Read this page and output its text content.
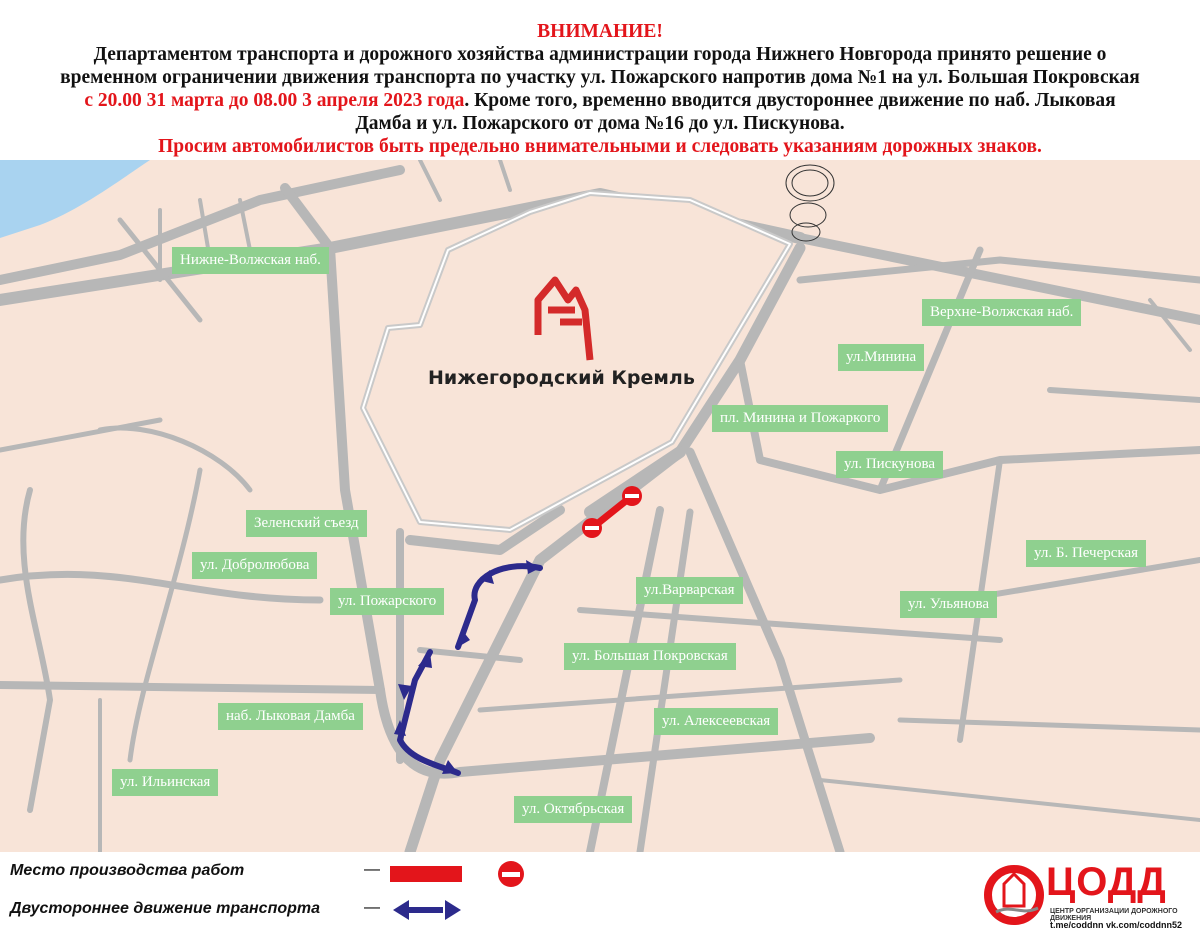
ВНИМАНИЕ!
Департаментом транспорта и дорожного хозяйства администрации города Нижнего Новгорода принято решение о
временном ограничении движения транспорта по участку ул. Пожарского напротив дома №1 на ул. Большая Покровская
с 20.00 31 марта до 08.00 3 апреля 2023 года. Кроме того, временно вводится двустороннее движение по наб. Лыковая
Дамба и ул. Пожарского от дома №16 до ул. Пискунова.
Просим автомобилистов быть предельно внимательными и следовать указаниям дорожных знаков.
Нижегородский Кремль
Нижне-Волжская наб.
Верхне-Волжская наб.
ул.Минина
пл. Минина и Пожаркого
ул. Пискунова
Зеленский съезд
ул. Добролюбова
ул. Б. Печерская
ул. Пожарского
ул.Варварская
ул. Ульянова
ул. Большая Покровская
наб. Лыковая Дамба	ул. Алексеевская
ул. Ильинская
ул. Октябрьская
Место производства работ
Двустороннее движение транспорта
—
—
ЦОДД
ЦЕНТР ОРГАНИЗАЦИИ ДОРОЖНОГО ДВИЖЕНИЯ
t.me/coddnn vk.com/coddnn52
